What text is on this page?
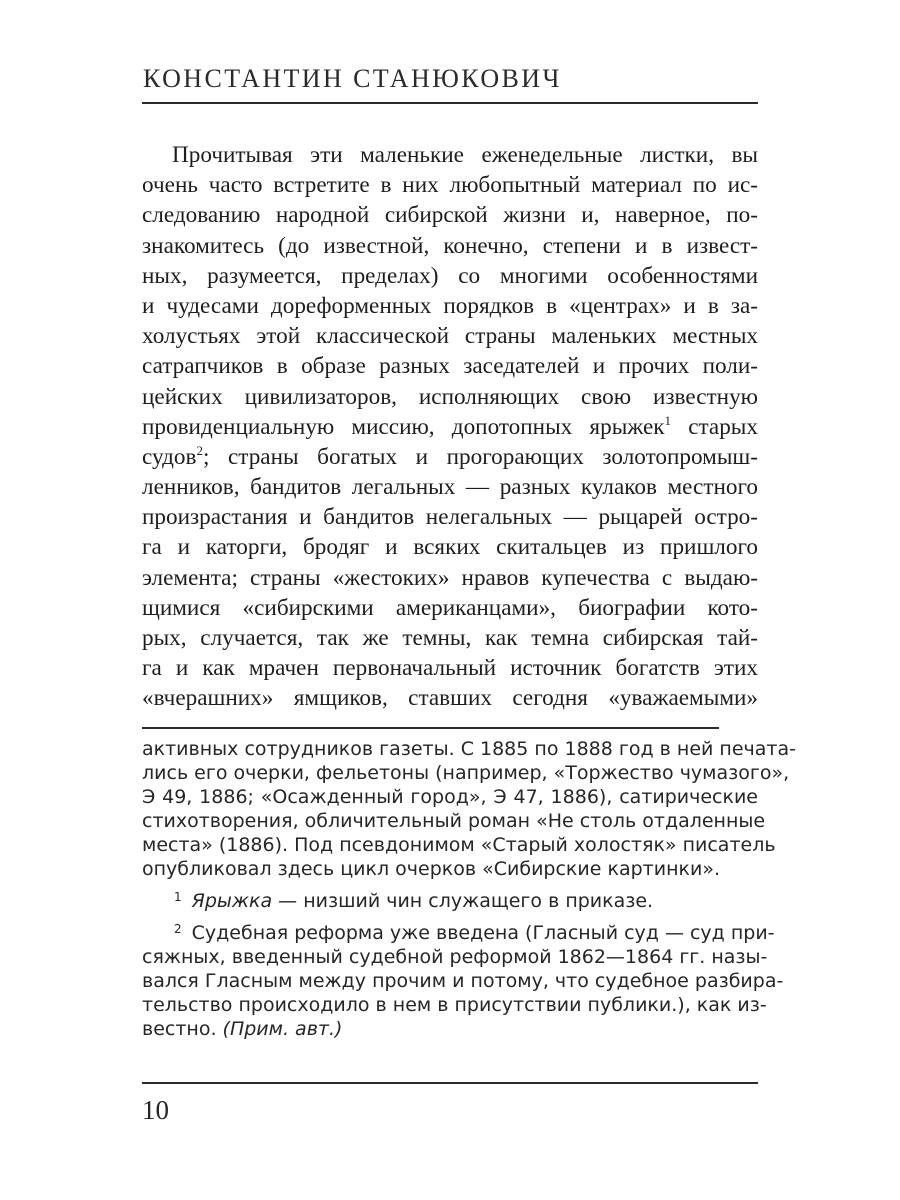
КОНСТАНТИН СТАНЮКОВИЧ
Прочитывая эти маленькие еженедельные листки, вы
очень часто встретите в них любопытный материал по ис-
следованию народной сибирской жизни и, наверное, по-
знакомитесь (до известной, конечно, степени и в извест-
ных, разумеется, пределах) со многими особенностями
и чудесами дореформенных порядков в «центрах» и в за-
холустьях этой классической страны маленьких местных
сатрапчиков в образе разных заседателей и прочих поли-
цейских цивилизаторов, исполняющих свою известную
провиденциальную миссию, допотопных ярыжек$^1$ старых
судов$^2$; страны богатых и прогорающих золотопромыш-
ленников, бандитов легальных — разных кулаков местного
произрастания и бандитов нелегальных — рыцарей остро-
га и каторги, бродяг и всяких скитальцев из пришлого
элемента; страны «жестоких» нравов купечества с выдаю-
щимися «сибирскими американцами», биографии кото-
рых, случается, так же темны, как темна сибирская тай-
га и как мрачен первоначальный источник богатств этих
«вчерашних» ямщиков, ставших сегодня «уважаемыми»
активных сотрудников газеты. С 1885 по 1888 год в ней печата-
лись его очерки, фельетоны (например, «Торжество чумазого»,
Э 49, 1886; «Осажденный город», Э 47, 1886), сатирические
стихотворения, обличительный роман «Не столь отдаленные
места» (1886). Под псевдонимом «Старый холостяк» писатель
опубликовал здесь цикл очерков «Сибирские картинки».
$^1$ Ярыжка — низший чин служащего в приказе.
$^2$ Судебная реформа уже введена (Гласный суд — суд при-
сяжных, введенный судебной реформой 1862—1864 гг. назы-
вался Гласным между прочим и потому, что судебное разбира-
тельство происходило в нем в присутствии публики.), как из-
вестно. (Прим. авт.)
10
